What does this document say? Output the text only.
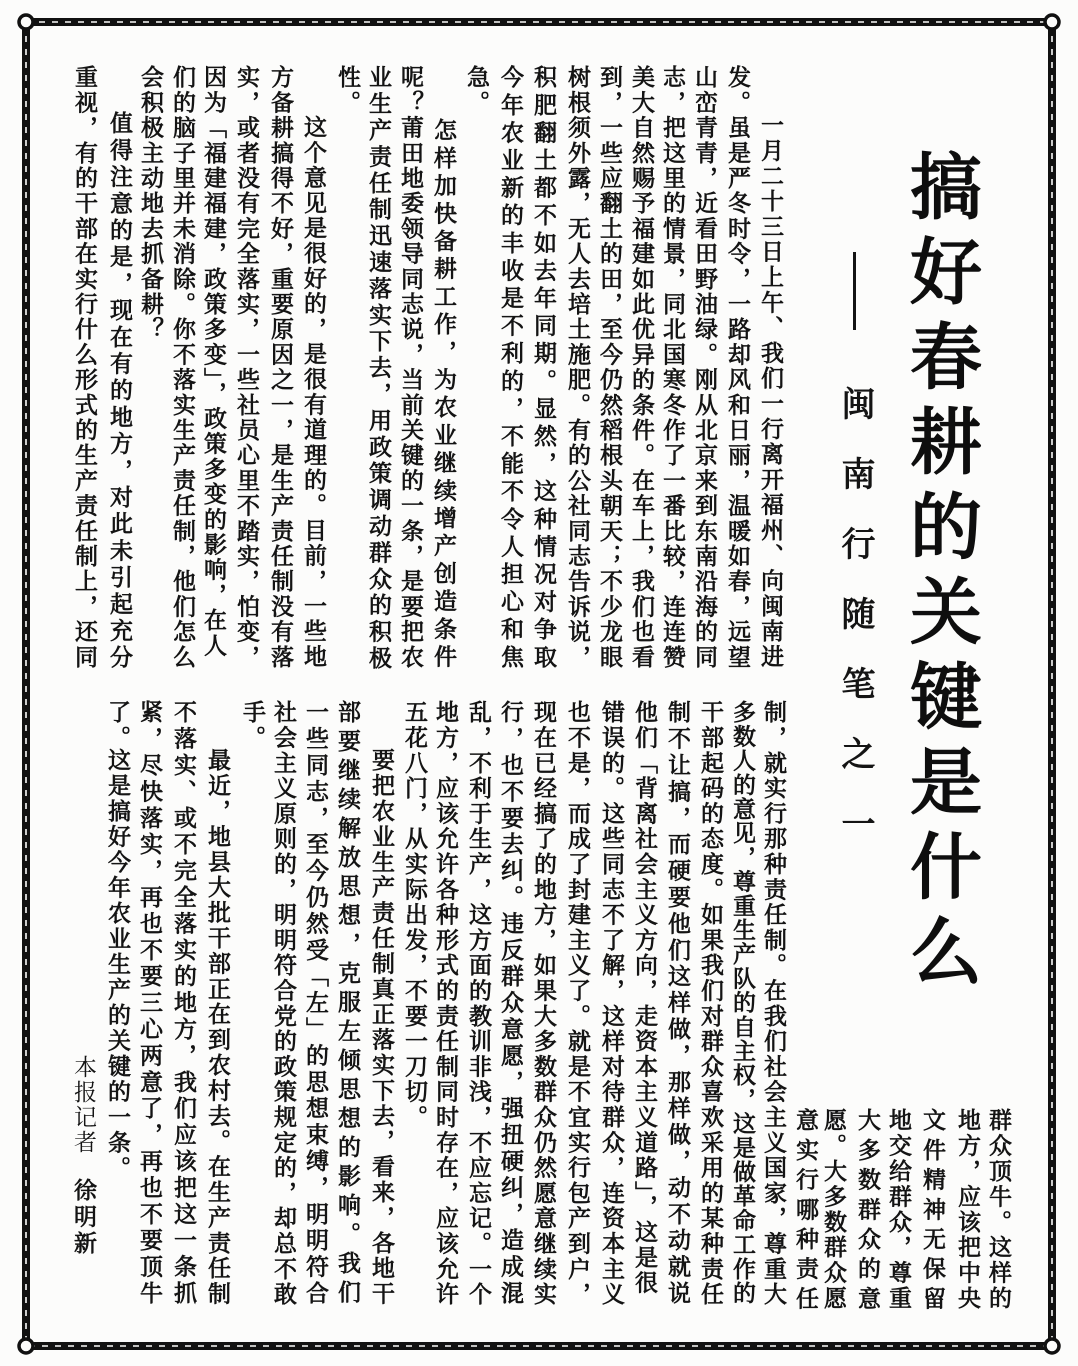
搞好春耕的关键是什么
闽南行随笔之一
一月二十三日上午、我们一行离开福州、向闽南进
发。虽是严冬时令，一路却风和日丽，温暖如春，远望
山峦青青，近看田野油绿。刚从北京来到东南沿海的同
志，把这里的情景，同北国寒冬作了一番比较，连连赞
美大自然赐予福建如此优异的条件。在车上，我们也看
到，一些应翻土的田，至今仍然稻根头朝天；不少龙眼
树根须外露，无人去培土施肥。有的公社同志告诉说，
积肥翻土都不如去年同期。显然，这种情况对争取
今年农业新的丰收是不利的，不能不令人担心和焦
急。
怎样加快备耕工作，为农业继续增产创造条件
呢？莆田地委领导同志说，当前关键的一条，是要把农
业生产责任制迅速落实下去，用政策调动群众的积极
性。
这个意见是很好的，是很有道理的。目前，一些地
方备耕搞得不好，重要原因之一，是生产责任制没有落
实，或者没有完全落实，一些社员心里不踏实，怕变，
因为「福建福建，政策多变」，政策多变的影响，在人
们的脑子里并未消除。你不落实生产责任制，他们怎么
会积极主动地去抓备耕？
值得注意的是，现在有的地方，对此未引起充分
重视，有的干部在实行什么形式的生产责任制上，还同
群众顶牛。这样的
地方，应该把中央
文件精神无保留
地交给群众，尊重
大多数群众的意
愿。大多数群众愿
意实行哪种责任
制，就实行那种责任制。在我们社会主义国家，尊重大
多数人的意见，尊重生产队的自主权，这是做革命工作的
干部起码的态度。如果我们对群众喜欢采用的某种责任
制不让搞，而硬要他们这样做，那样做，动不动就说
他们「背离社会主义方向，走资本主义道路」，这是很
错误的。这些同志不了解，这样对待群众，连资本主义
也不是，而成了封建主义了。就是不宜实行包产到户，
现在已经搞了的地方，如果大多数群众仍然愿意继续实
行，也不要去纠。违反群众意愿，强扭硬纠，造成混
乱，不利于生产，这方面的教训非浅，不应忘记。一个
地方，应该允许各种形式的责任制同时存在，应该允许
五花八门，从实际出发，不要一刀切。
要把农业生产责任制真正落实下去，看来，各地干
部要继续解放思想，克服左倾思想的影响。我们
一些同志，至今仍然受「左」的思想束缚，明明符合
社会主义原则的，明明符合党的政策规定的，却总不敢
手。
最近，地县大批干部正在到农村去。在生产责任制
不落实、或不完全落实的地方，我们应该把这一条抓
紧，尽快落实，再也不要三心两意了，再也不要顶牛
了。
这是搞好今年农业生产的关键的一条。
本报记者
徐明新
